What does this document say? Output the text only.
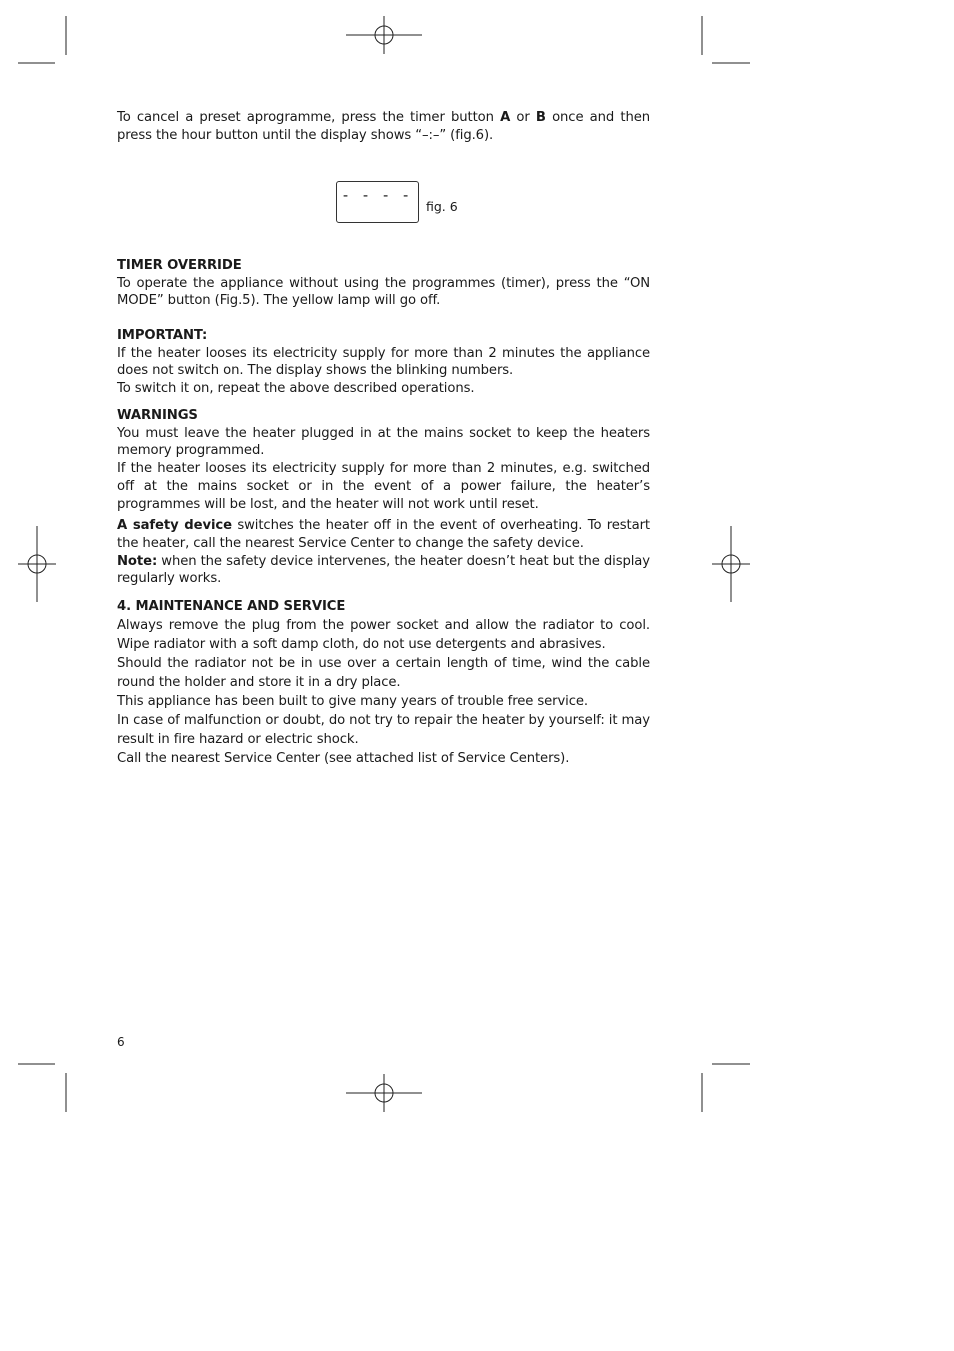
To cancel a preset aprogramme, press the timer button A or B once and then press the hour button until the display shows “–:–” (fig.6).

- - - -
fig. 6

TIMER OVERRIDE

To operate the appliance without using the programmes (timer), press the “ON MODE” button (Fig.5). The yellow lamp will go off.

IMPORTANT:

If the heater looses its electricity supply for more than 2 minutes the appliance does not switch on. The display shows the blinking numbers.

To switch it on, repeat the above described operations.

WARNINGS

You must leave the heater plugged in at the mains socket to keep the heaters memory programmed.

If the heater looses its electricity supply for more than 2 minutes, e.g. switched off at the mains socket or in the event of a power failure, the heater’s programmes will be lost, and the heater will not work until reset.

A safety device switches the heater off in the event of overheating. To restart the heater, call the nearest Service Center to change the safety device.

Note: when the safety device intervenes, the heater doesn’t heat but the display regularly works.

4. MAINTENANCE AND SERVICE

Always remove the plug from the power socket and allow the radiator to cool. Wipe radiator with a soft damp cloth, do not use detergents and abrasives.

Should the radiator not be in use over a certain length of time, wind the cable round the holder and store it in a dry place.

This appliance has been built to give many years of trouble free service.

In case of malfunction or doubt, do not try to repair the heater by yourself: it may result in fire hazard or electric shock.

Call the nearest Service Center (see attached list of Service Centers).

6
